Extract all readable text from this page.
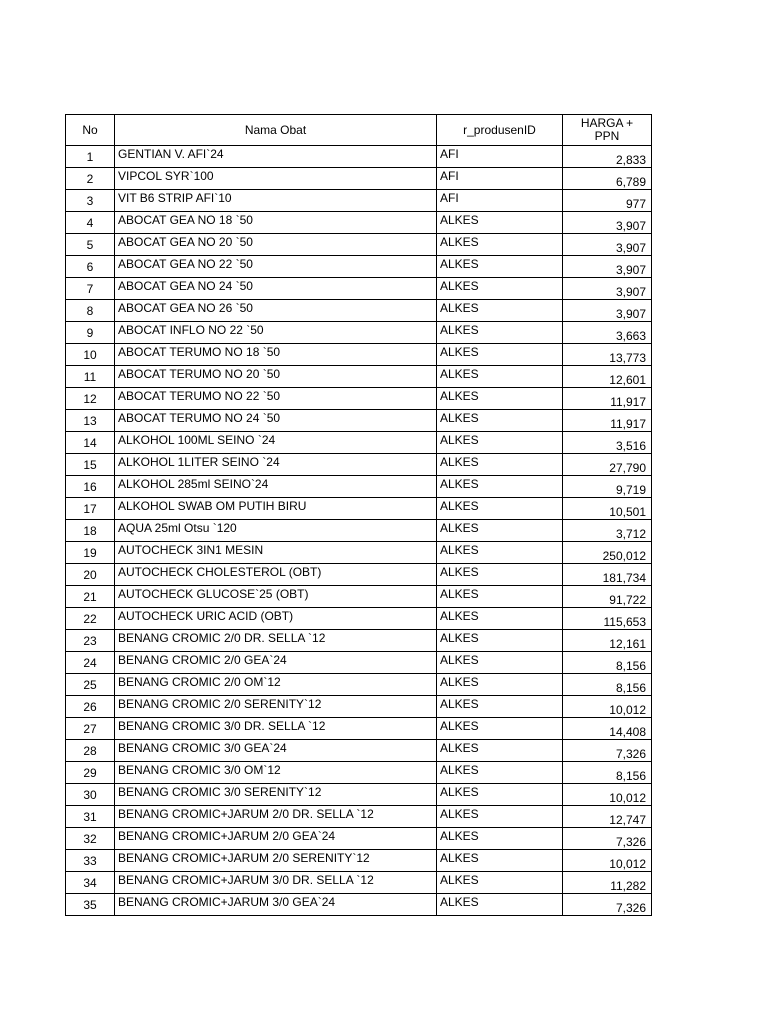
No	Nama Obat	r_produsenID	HARGA +
PPN
1	GENTIAN V. AFI`24	AFI	2,833
2	VIPCOL SYR`100	AFI	6,789
3	VIT B6 STRIP AFI`10	AFI	977
4	ABOCAT GEA NO 18 `50	ALKES	3,907
5	ABOCAT GEA NO 20 `50	ALKES	3,907
6	ABOCAT GEA NO 22 `50	ALKES	3,907
7	ABOCAT GEA NO 24 `50	ALKES	3,907
8	ABOCAT GEA NO 26 `50	ALKES	3,907
9	ABOCAT INFLO NO 22 `50	ALKES	3,663
10	ABOCAT TERUMO NO 18 `50	ALKES	13,773
11	ABOCAT TERUMO NO 20 `50	ALKES	12,601
12	ABOCAT TERUMO NO 22 `50	ALKES	11,917
13	ABOCAT TERUMO NO 24 `50	ALKES	11,917
14	ALKOHOL 100ML SEINO `24	ALKES	3,516
15	ALKOHOL 1LITER SEINO `24	ALKES	27,790
16	ALKOHOL 285ml SEINO`24	ALKES	9,719
17	ALKOHOL SWAB OM PUTIH BIRU	ALKES	10,501
18	AQUA 25ml Otsu `120	ALKES	3,712
19	AUTOCHECK 3IN1 MESIN	ALKES	250,012
20	AUTOCHECK CHOLESTEROL (OBT)	ALKES	181,734
21	AUTOCHECK GLUCOSE`25 (OBT)	ALKES	91,722
22	AUTOCHECK URIC ACID (OBT)	ALKES	115,653
23	BENANG CROMIC 2/0 DR. SELLA `12	ALKES	12,161
24	BENANG CROMIC 2/0 GEA`24	ALKES	8,156
25	BENANG CROMIC 2/0 OM`12	ALKES	8,156
26	BENANG CROMIC 2/0 SERENITY`12	ALKES	10,012
27	BENANG CROMIC 3/0 DR. SELLA `12	ALKES	14,408
28	BENANG CROMIC 3/0 GEA`24	ALKES	7,326
29	BENANG CROMIC 3/0 OM`12	ALKES	8,156
30	BENANG CROMIC 3/0 SERENITY`12	ALKES	10,012
31	BENANG CROMIC+JARUM 2/0 DR. SELLA `12	ALKES	12,747
32	BENANG CROMIC+JARUM 2/0 GEA`24	ALKES	7,326
33	BENANG CROMIC+JARUM 2/0 SERENITY`12	ALKES	10,012
34	BENANG CROMIC+JARUM 3/0 DR. SELLA `12	ALKES	11,282
35	BENANG CROMIC+JARUM 3/0 GEA`24	ALKES	7,326
